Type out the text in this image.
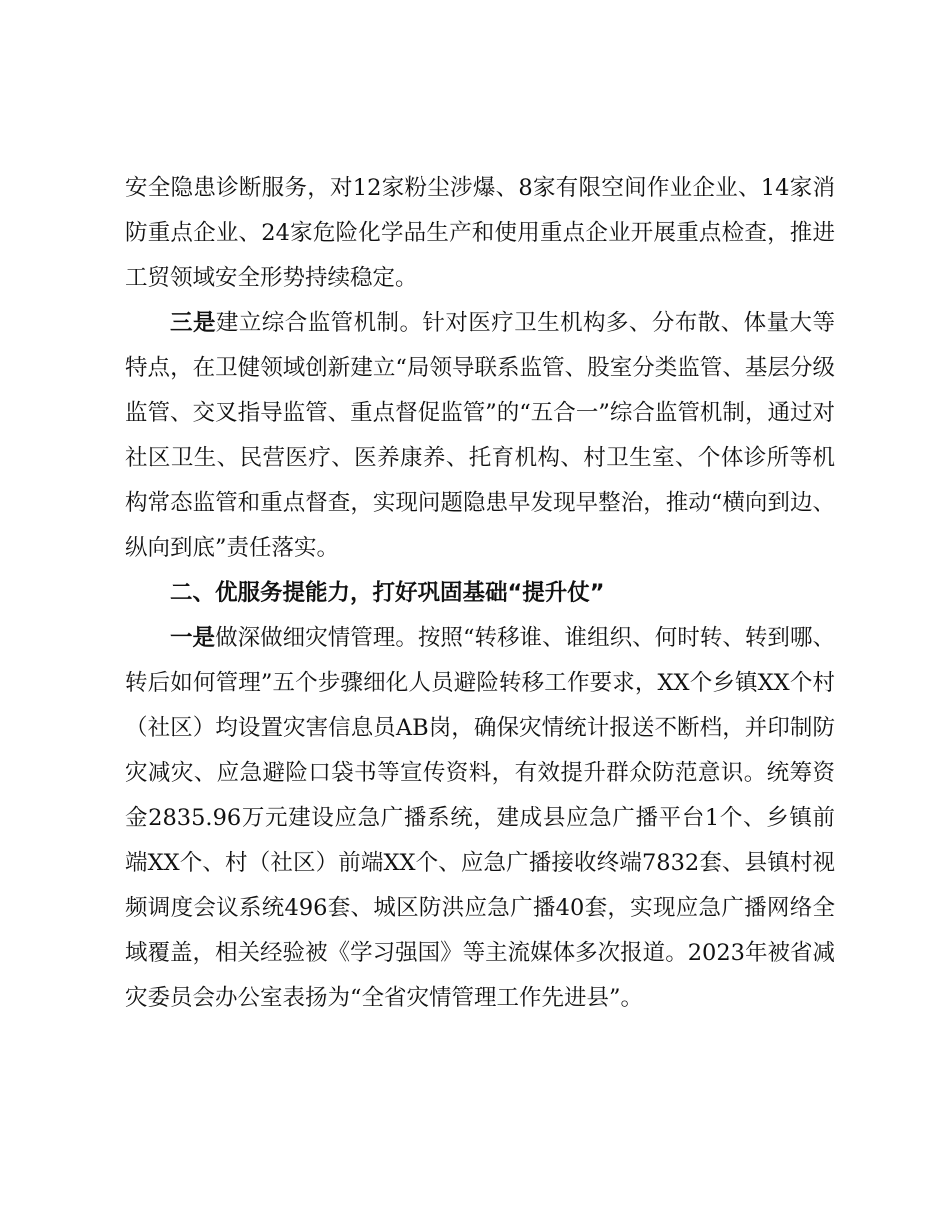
安全隐患诊断服务，对12家粉尘涉爆、8家有限空间作业企业、14家消防重点企业、24家危险化学品生产和使用重点企业开展重点检查，推进工贸领域安全形势持续稳定。

三是建立综合监管机制。针对医疗卫生机构多、分布散、体量大等特点，在卫健领域创新建立“局领导联系监管、股室分类监管、基层分级监管、交叉指导监管、重点督促监管”的“五合一”综合监管机制，通过对社区卫生、民营医疗、医养康养、托育机构、村卫生室、个体诊所等机构常态监管和重点督查，实现问题隐患早发现早整治，推动“横向到边、纵向到底”责任落实。

二、优服务提能力，打好巩固基础“提升仗”

一是做深做细灾情管理。按照“转移谁、谁组织、何时转、转到哪、转后如何管理”五个步骤细化人员避险转移工作要求，XX个乡镇XX个村（社区）均设置灾害信息员AB岗，确保灾情统计报送不断档，并印制防灾减灾、应急避险口袋书等宣传资料，有效提升群众防范意识。统筹资金2835.96万元建设应急广播系统，建成县应急广播平台1个、乡镇前端XX个、村（社区）前端XX个、应急广播接收终端7832套、县镇村视频调度会议系统496套、城区防洪应急广播40套，实现应急广播网络全域覆盖，相关经验被《学习强国》等主流媒体多次报道。2023年被省减灾委员会办公室表扬为“全省灾情管理工作先进县”。
